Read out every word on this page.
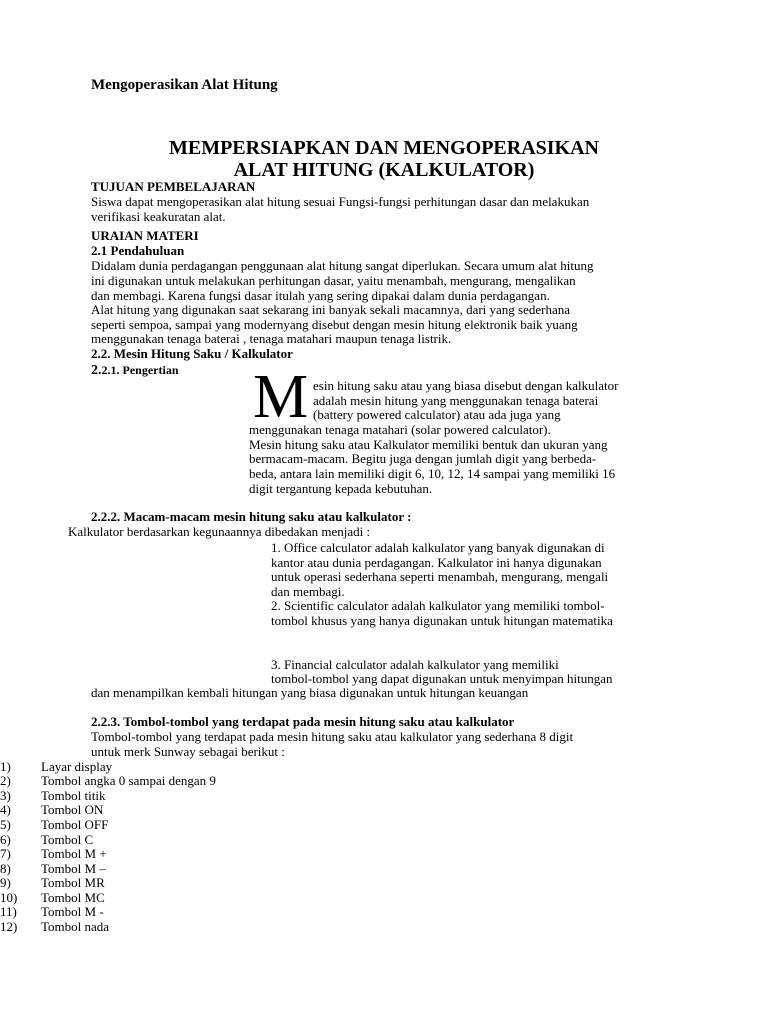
Mengoperasikan Alat Hitung
MEMPERSIAPKAN DAN MENGOPERASIKAN
ALAT HITUNG (KALKULATOR)
TUJUAN PEMBELAJARAN
Siswa dapat mengoperasikan alat hitung sesuai Fungsi-fungsi perhitungan dasar dan melakukan
verifikasi keakuratan alat.
URAIAN MATERI
2.1 Pendahuluan
Didalam dunia perdagangan penggunaan alat hitung sangat diperlukan. Secara umum alat hitung
ini digunakan untuk melakukan perhitungan dasar, yaitu menambah, mengurang, mengalikan
dan membagi. Karena fungsi dasar itulah yang sering dipakai dalam dunia perdagangan.
Alat hitung yang digunakan saat sekarang ini banyak sekali macamnya, dari yang sederhana
seperti sempoa, sampai yang modernyang disebut dengan mesin hitung elektronik baik yuang
menggunakan tenaga baterai , tenaga matahari maupun tenaga listrik.
2.2. Mesin Hitung Saku / Kalkulator
2.2.1. Pengertian M esin hitung saku atau yang biasa disebut dengan kalkulator
adalah mesin hitung yang menggunakan tenaga baterai
(battery powered calculator) atau ada juga yang
menggunakan tenaga matahari (solar powered calculator).
Mesin hitung saku atau Kalkulator memiliki bentuk dan ukuran yang
bermacam-macam. Begitu juga dengan jumlah digit yang berbeda-
beda, antara lain memiliki digit 6, 10, 12, 14 sampai yang memiliki 16
digit tergantung kepada kebutuhan.
2.2.2. Macam-macam mesin hitung saku atau kalkulator :
Kalkulator berdasarkan kegunaannya dibedakan menjadi :
1. Office calculator adalah kalkulator yang banyak digunakan di
kantor atau dunia perdagangan. Kalkulator ini hanya digunakan
untuk operasi sederhana seperti menambah, mengurang, mengali
dan membagi.
2. Scientific calculator adalah kalkulator yang memiliki tombol-
tombol khusus yang hanya digunakan untuk hitungan matematika
3. Financial calculator adalah kalkulator yang memiliki
tombol-tombol yang dapat digunakan untuk menyimpan hitungan
dan menampilkan kembali hitungan yang biasa digunakan untuk hitungan keuangan
2.2.3. Tombol-tombol yang terdapat pada mesin hitung saku atau kalkulator
Tombol-tombol yang terdapat pada mesin hitung saku atau kalkulator yang sederhana 8 digit
untuk merk Sunway sebagai berikut :
1)	Layar display
2)	Tombol angka 0 sampai dengan 9
3)	Tombol titik
4)	Tombol ON
5)	Tombol OFF
6)	Tombol C
7)	Tombol M +
8)	Tombol M –
9)	Tombol MR
10)	Tombol MC
11)	Tombol M -
12)	Tombol nada
